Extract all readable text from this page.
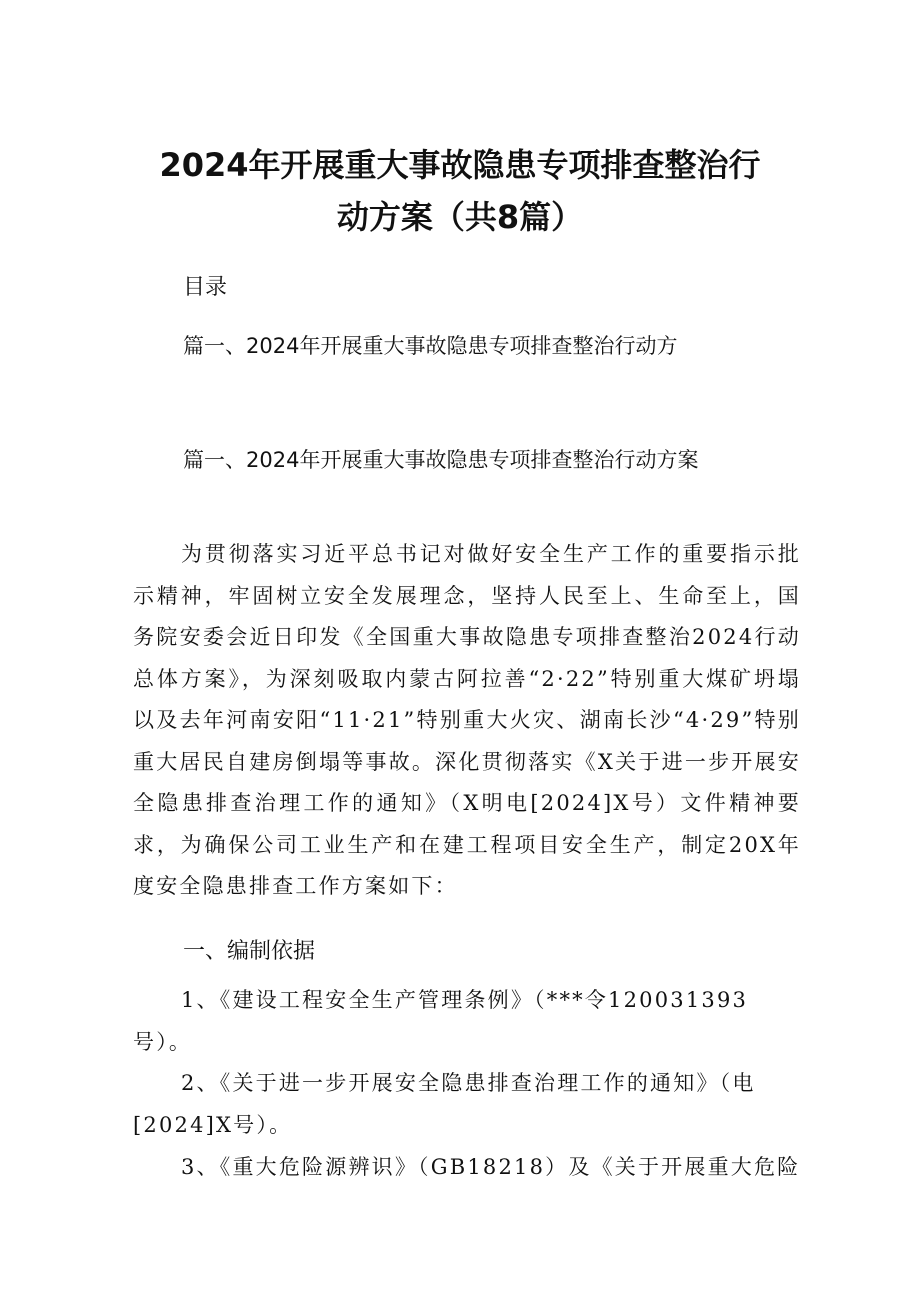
2024年开展重大事故隐患专项排查整治行
动方案（共8篇）

目录

篇一、2024年开展重大事故隐患专项排查整治行动方

篇一、2024年开展重大事故隐患专项排查整治行动方案

为贯彻落实习近平总书记对做好安全生产工作的重要指示批示精神，牢固树立安全发展理念，坚持人民至上、生命至上，国务院安委会近日印发《全国重大事故隐患专项排查整治2024行动总体方案》，为深刻吸取内蒙古阿拉善“2·22”特别重大煤矿坍塌以及去年河南安阳“11·21”特别重大火灾、湖南长沙“4·29”特别重大居民自建房倒塌等事故。深化贯彻落实《X关于进一步开展安全隐患排查治理工作的通知》（X明电[2024]X号）文件精神要求，为确保公司工业生产和在建工程项目安全生产，制定20X年度安全隐患排查工作方案如下：

一、编制依据

1、《建设工程安全生产管理条例》（***令120031393号）。

2、《关于进一步开展安全隐患排查治理工作的通知》（电[2024]X号）。

3、《重大危险源辨识》（GB18218）及《关于开展重大危险
